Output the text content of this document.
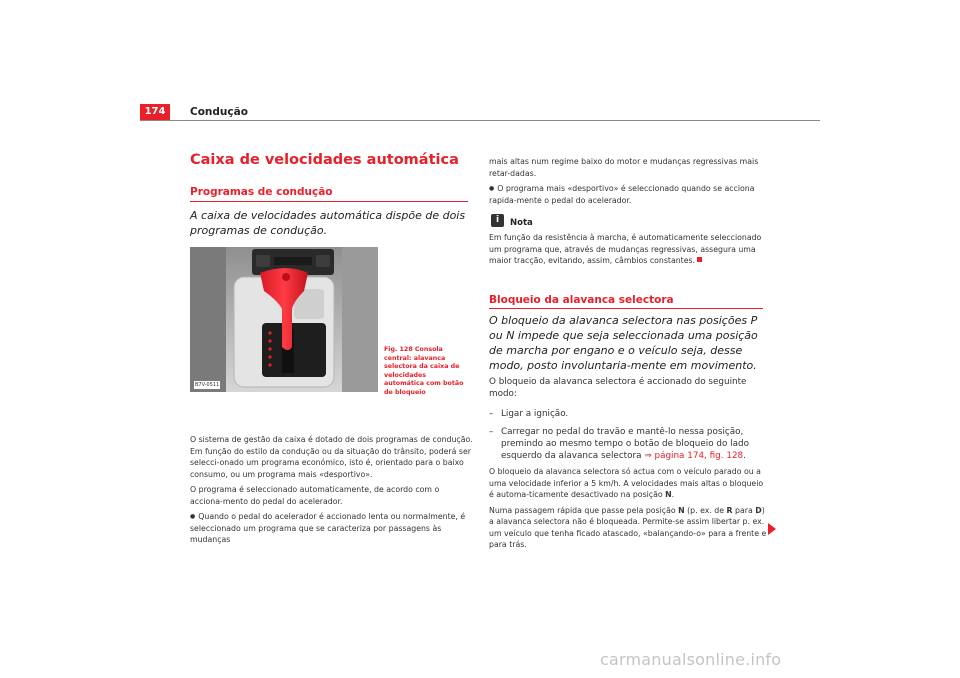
174	Condução
Caixa de velocidades automática
Programas de condução
A caixa de velocidades automática dispõe de dois programas de condução.
B7V-0511
Fig. 128 Consola central: alavanca selectora da caixa de velocidades automática com botão de bloqueio

O sistema de gestão da caixa é dotado de dois programas de condução. Em função do estilo da condução ou da situação do trânsito, poderá ser selecci-onado um programa económico, isto é, orientado para o baixo consumo, ou um programa mais «desportivo».

O programa é seleccionado automaticamente, de acordo com o acciona-mento do pedal do acelerador.

● Quando o pedal do acelerador é accionado lenta ou normalmente, é seleccionado um programa que se caracteriza por passagens às mudanças

mais altas num regime baixo do motor e mudanças regressivas mais retar-dadas.

● O programa mais «desportivo» é seleccionado quando se acciona rapida-mente o pedal do acelerador.

i	Nota
Em função da resistência à marcha, é automaticamente seleccionado um programa que, através de mudanças regressivas, assegura uma maior tracção, evitando, assim, câmbios constantes.
Bloqueio da alavanca selectora
O bloqueio da alavanca selectora nas posições P ou N impede que seja seleccionada uma posição de marcha por engano e o veículo seja, desse modo, posto involuntaria-mente em movimento.

O bloqueio da alavanca selectora é accionado do seguinte modo:

– Ligar a ignição.
– Carregar no pedal do travão e mantê-lo nessa posição, premindo ao mesmo tempo o botão de bloqueio do lado esquerdo da alavanca selectora ⇒ página 174, fig. 128.

O bloqueio da alavanca selectora só actua com o veículo parado ou a uma velocidade inferior a 5 km/h. A velocidades mais altas o bloqueio é automa-ticamente desactivado na posição N.

Numa passagem rápida que passe pela posição N (p. ex. de R para D) a alavanca selectora não é bloqueada. Permite-se assim libertar p. ex. um veículo que tenha ficado atascado, «balançando-o» para a frente e para trás.

carmanualsonline.info
